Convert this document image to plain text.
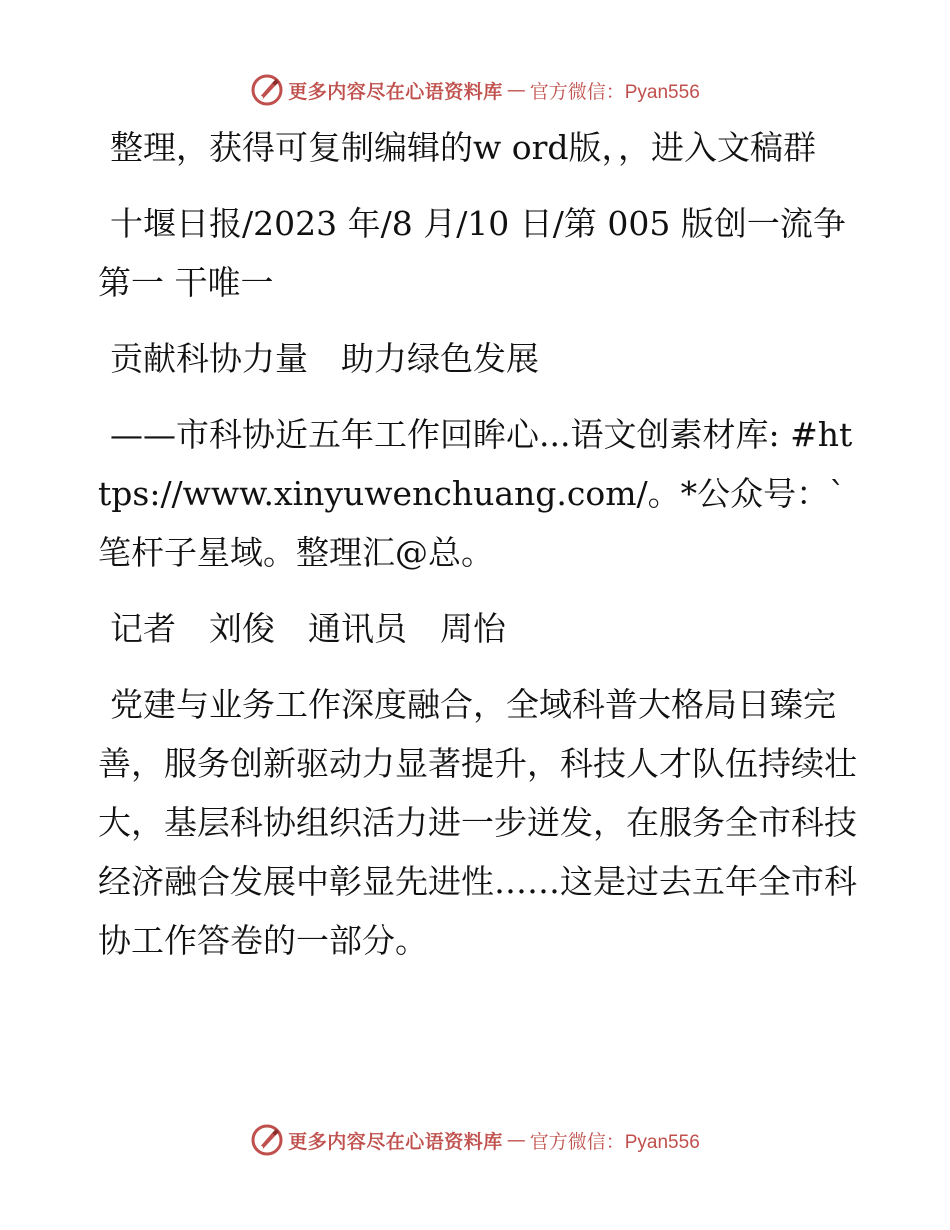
更多内容尽在心语资料库 — 官方微信：Pyan556

整理，获得可复制编辑的w ord版，，进入文稿群

十堰日报/2023 年/8 月/10 日/第 005 版创一流争第一 干唯一

贡献科协力量　助力绿色发展

——市科协近五年工作回眸心...语文创素材库: #https://www.xinyuwenchuang.com/。*公众号：`笔杆子星域。整理汇@总。

记者　刘俊　通讯员　周怡

党建与业务工作深度融合，全域科普大格局日臻完善，服务创新驱动力显著提升，科技人才队伍持续壮大，基层科协组织活力进一步迸发，在服务全市科技经济融合发展中彰显先进性……这是过去五年全市科协工作答卷的一部分。

更多内容尽在心语资料库 — 官方微信：Pyan556
